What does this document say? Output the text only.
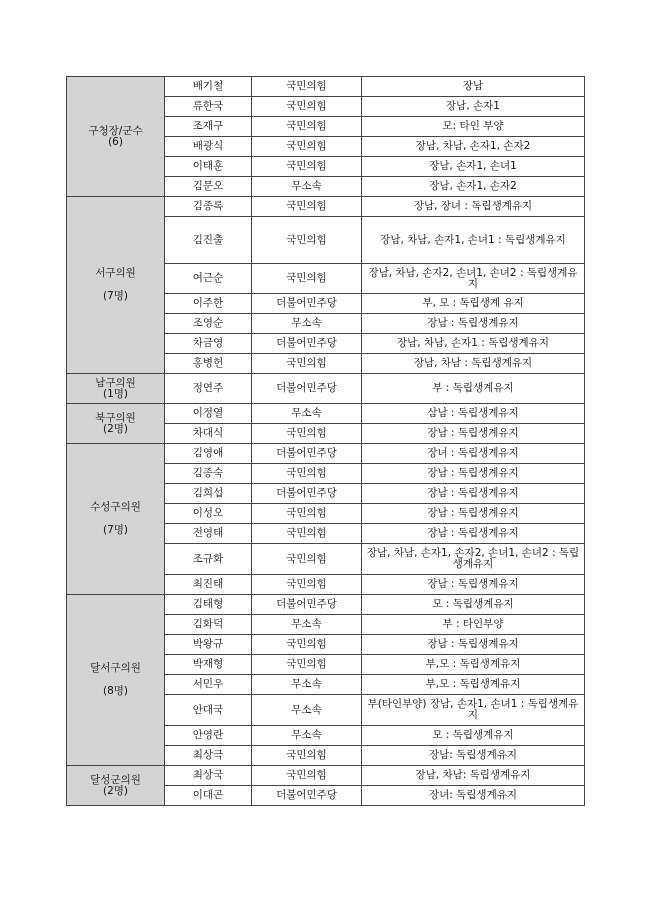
구청장/군수
(6)	배기철	국민의힘	장남
	류한국	국민의힘	장남, 손자1
	조재구	국민의힘	모: 타인 부양
	배광식	국민의힘	장남, 차남, 손자1, 손자2
	이태훈	국민의힘	장남, 손자1, 손녀1
	김문오	무소속	장남, 손자1, 손자2

서구의원
(7명)	김종록	국민의힘	장남, 장녀 : 독립생계유지
	김진출	국민의힘	장남, 차남, 손자1, 손녀1 : 독립생계유지
	여근순	국민의힘	장남, 차남, 손자2, 손녀1, 손녀2 : 독립생계유지
	이주한	더불어민주당	부, 모 : 독립생계 유지
	조영순	무소속	장남 : 독립생계유지
	차금영	더불어민주당	장남, 차남, 손자1 : 독립생계유지
	홍병헌	국민의힘	장남, 차남 : 독립생계유지

남구의원
(1명)	정연주	더불어민주당	부 : 독립생계유지

북구의원
(2명)	이정열	무소속	삼남 : 독립생계유지
	차대식	국민의힘	장남 : 독립생계유지

수성구의원
(7명)	김영애	더불어민주당	장녀 : 독립생계유지
	김종숙	국민의힘	장남 : 독립생계유지
	김희섭	더불어민주당	장남 : 독립생계유지
	이성오	국민의힘	장남 : 독립생계유지
	전영태	국민의힘	장남 : 독립생계유지
	조규화	국민의힘	장남, 차남, 손자1, 손자2, 손녀1, 손녀2 : 독립생계유지
	최진태	국민의힘	장남 : 독립생계유지

달서구의원
(8명)	김태형	더불어민주당	모 : 독립생계유지
	김화덕	무소속	부 : 타인부양
	박왕규	국민의힘	장남 : 독립생계유지
	박재형	국민의힘	부,모 : 독립생계유지
	서민우	무소속	부,모 : 독립생계유지
	안대국	무소속	부(타인부양) 장남, 손자1, 손녀1 : 독립생계유지
	안영란	무소속	모 : 독립생계유지
	최상극	국민의힘	장남: 독립생계유지

달성군의원
(2명)	최상국	국민의힘	장남, 차남: 독립생계유지
	이대곤	더불어민주당	장녀: 독립생계유지
